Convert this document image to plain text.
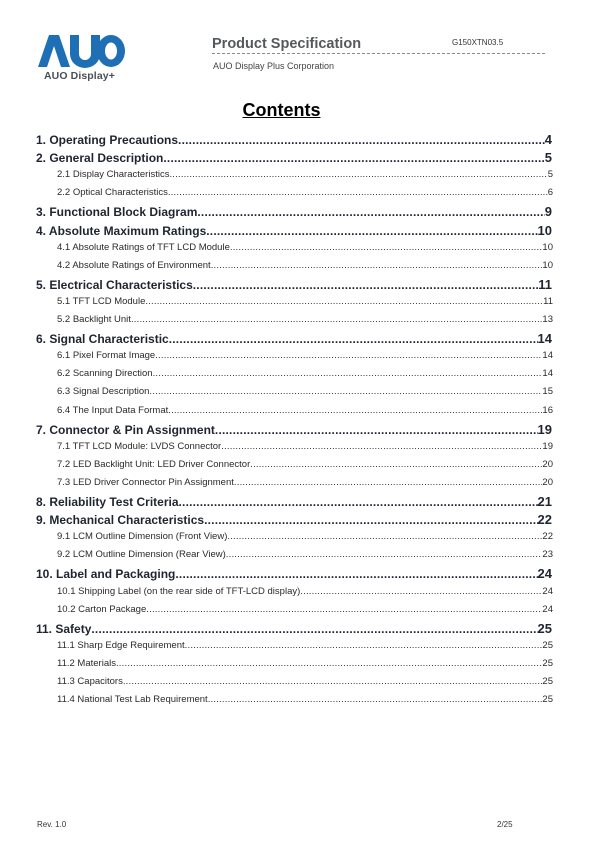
AUO Display+
Product Specification	G150XTN03.5
AUO Display Plus Corporation
Contents
1. Operating Precautions .....	4
2. General Description .....	5
2.1 Display Characteristics .....	5
2.2 Optical Characteristics .....	6
3. Functional Block Diagram .....	9
4. Absolute Maximum Ratings .....	10
4.1 Absolute Ratings of TFT LCD Module .....	10
4.2 Absolute Ratings of Environment .....	10
5. Electrical Characteristics .....	11
5.1 TFT LCD Module .....	11
5.2 Backlight Unit .....	13
6. Signal Characteristic .....	14
6.1 Pixel Format Image .....	14
6.2 Scanning Direction .....	14
6.3 Signal Description .....	15
6.4 The Input Data Format .....	16
7. Connector & Pin Assignment .....	19
7.1 TFT LCD Module: LVDS Connector .....	19
7.2 LED Backlight Unit: LED Driver Connector .....	20
7.3 LED Driver Connector Pin Assignment .....	20
8. Reliability Test Criteria .....	21
9. Mechanical Characteristics .....	22
9.1 LCM Outline Dimension (Front View) .....	22
9.2 LCM Outline Dimension (Rear View) .....	23
10. Label and Packaging .....	24
10.1 Shipping Label (on the rear side of TFT-LCD display) .....	24
10.2 Carton Package .....	24
11. Safety .....	25
11.1 Sharp Edge Requirement .....	25
11.2 Materials .....	25
11.3 Capacitors .....	25
11.4 National Test Lab Requirement .....	25
Rev. 1.0	2/25
